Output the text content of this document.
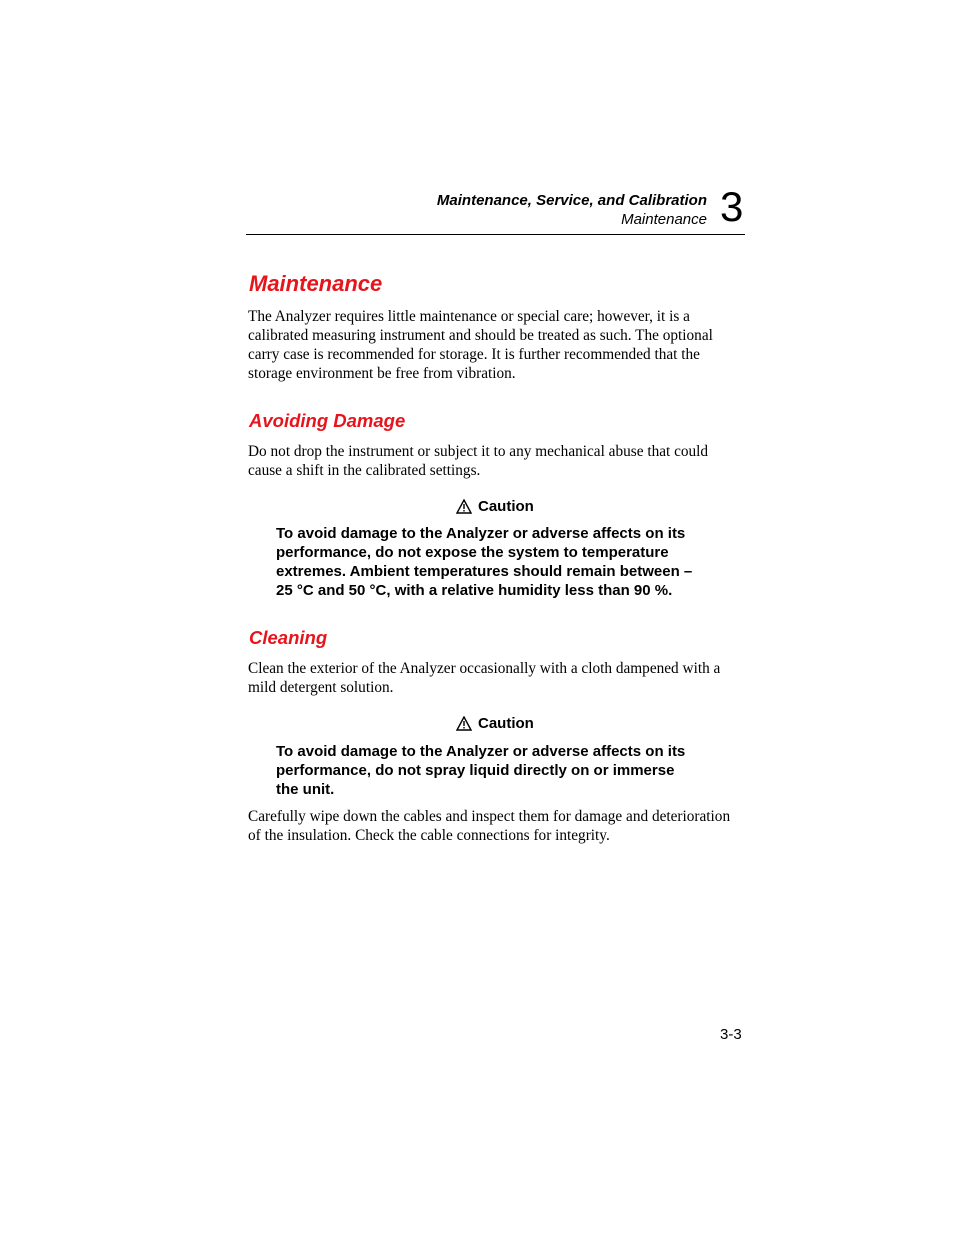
Maintenance, Service, and Calibration
Maintenance 3
Maintenance
The Analyzer requires little maintenance or special care; however, it is a
calibrated measuring instrument and should be treated as such. The optional
carry case is recommended for storage. It is further recommended that the
storage environment be free from vibration.
Avoiding Damage
Do not drop the instrument or subject it to any mechanical abuse that could
cause a shift in the calibrated settings.
Caution
To avoid damage to the Analyzer or adverse affects on its
performance, do not expose the system to temperature
extremes. Ambient temperatures should remain between –
25 °C and 50 °C, with a relative humidity less than 90 %.
Cleaning
Clean the exterior of the Analyzer occasionally with a cloth dampened with a
mild detergent solution.
Caution
To avoid damage to the Analyzer or adverse affects on its
performance, do not spray liquid directly on or immerse
the unit.
Carefully wipe down the cables and inspect them for damage and deterioration
of the insulation. Check the cable connections for integrity.
3-3
